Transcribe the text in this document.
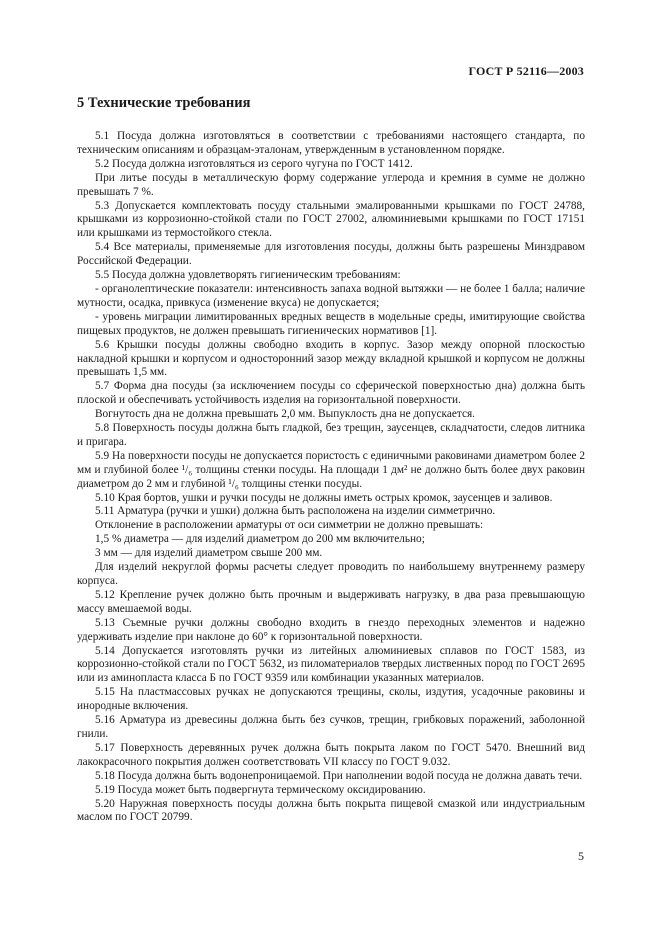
ГОСТ Р 52116—2003
5 Технические требования

5.1 Посуда должна изготовляться в соответствии с требованиями настоящего стандарта, по техническим описаниям и образцам-эталонам, утвержденным в установленном порядке.

5.2 Посуда должна изготовляться из серого чугуна по ГОСТ 1412.

При литье посуды в металлическую форму содержание углерода и кремния в сумме не должно превышать 7 %.

5.3 Допускается комплектовать посуду стальными эмалированными крышками по ГОСТ 24788, крышками из коррозионно-стойкой стали по ГОСТ 27002, алюминиевыми крышками по ГОСТ 17151 или крышками из термостойкого стекла.

5.4 Все материалы, применяемые для изготовления посуды, должны быть разрешены Минздравом Российской Федерации.

5.5 Посуда должна удовлетворять гигиеническим требованиям:

- органолептические показатели: интенсивность запаха водной вытяжки — не более 1 балла; наличие мутности, осадка, привкуса (изменение вкуса) не допускается;

- уровень миграции лимитированных вредных веществ в модельные среды, имитирующие свойства пищевых продуктов, не должен превышать гигиенических нормативов [1].

5.6 Крышки посуды должны свободно входить в корпус. Зазор между опорной плоскостью накладной крышки и корпусом и односторонний зазор между вкладной крышкой и корпусом не должны превышать 1,5 мм.

5.7 Форма дна посуды (за исключением посуды со сферической поверхностью дна) должна быть плоской и обеспечивать устойчивость изделия на горизонтальной поверхности.

Вогнутость дна не должна превышать 2,0 мм. Выпуклость дна не допускается.

5.8 Поверхность посуды должна быть гладкой, без трещин, заусенцев, складчатости, следов литника и пригара.

5.9 На поверхности посуды не допускается пористость с единичными раковинами диаметром более 2 мм и глубиной более ¹/₆ толщины стенки посуды. На площади 1 дм² не должно быть более двух раковин диаметром до 2 мм и глубиной ¹/₆ толщины стенки посуды.

5.10 Края бортов, ушки и ручки посуды не должны иметь острых кромок, заусенцев и заливов.

5.11 Арматура (ручки и ушки) должна быть расположена на изделии симметрично.

Отклонение в расположении арматуры от оси симметрии не должно превышать:

1,5 % диаметра — для изделий диаметром до 200 мм включительно;

3 мм — для изделий диаметром свыше 200 мм.

Для изделий некруглой формы расчеты следует проводить по наибольшему внутреннему размеру корпуса.

5.12 Крепление ручек должно быть прочным и выдерживать нагрузку, в два раза превышающую массу вмешаемой воды.

5.13 Съемные ручки должны свободно входить в гнездо переходных элементов и надежно удерживать изделие при наклоне до 60° к горизонтальной поверхности.

5.14 Допускается изготовлять ручки из литейных алюминиевых сплавов по ГОСТ 1583, из коррозионно-стойкой стали по ГОСТ 5632, из пиломатериалов твердых лиственных пород по ГОСТ 2695 или из аминопласта класса Б по ГОСТ 9359 или комбинации указанных материалов.

5.15 На пластмассовых ручках не допускаются трещины, сколы, издутия, усадочные раковины и инородные включения.

5.16 Арматура из древесины должна быть без сучков, трещин, грибковых поражений, заболонной гнили.

5.17 Поверхность деревянных ручек должна быть покрыта лаком по ГОСТ 5470. Внешний вид лакокрасочного покрытия должен соответствовать VII классу по ГОСТ 9.032.

5.18 Посуда должна быть водонепроницаемой. При наполнении водой посуда не должна давать течи.

5.19 Посуда может быть подвергнута термическому оксидированию.

5.20 Наружная поверхность посуды должна быть покрыта пищевой смазкой или индустриальным маслом по ГОСТ 20799.

5
